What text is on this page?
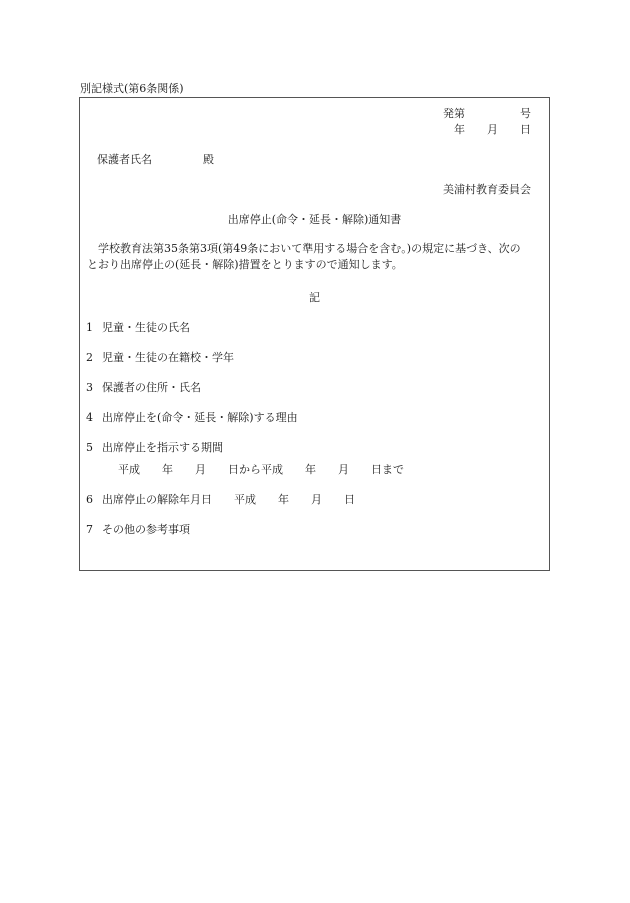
別記様式(第6条関係)
発第　　　　　号
年　　月　　日
保護者氏名	殿
美浦村教育委員会
出席停止(命令・延長・解除)通知書

学校教育法第35条第3項(第49条において準用する場合を含む。)の規定に基づき、次の

とおり出席停止の(延長・解除)措置をとりますので通知します。

記
1 児童・生徒の氏名
2 児童・生徒の在籍校・学年
3 保護者の住所・氏名
4 出席停止を(命令・延長・解除)する理由
5 出席停止を指示する期間
平成　　年　　月　　日から平成　　年　　月　　日まで
6 出席停止の解除年月日　　平成　　年　　月　　日
7 その他の参考事項
